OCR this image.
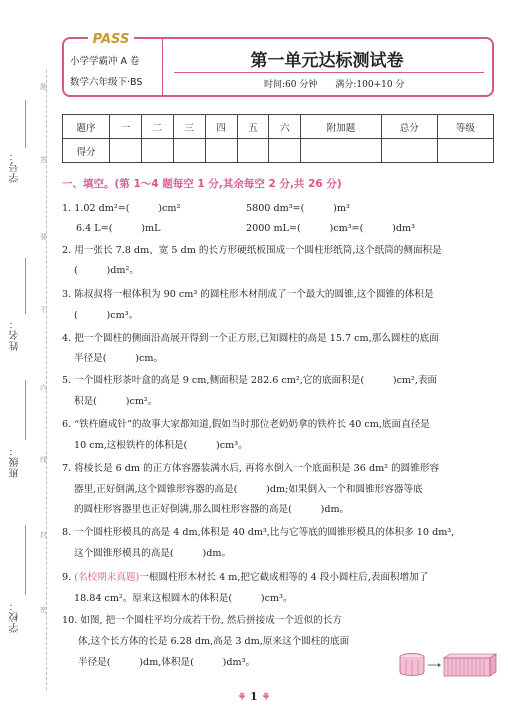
学号：
姓名：
班级：
学校：
题
答
要
不
内
线
封
密
PASS
小学学霸冲 A 卷
数学六年级下·BS
第一单元达标测试卷
时间:60 分钟　　满分:100+10 分
题序	一	二	三	四	五	六	附加题	总分	等级
得分									
一、填空。(第 1～4 题每空 1 分,其余每空 2 分,共 26 分)
1. 1.02 dm²=(　　　)cm²	5800 dm³=(　　　)m³
6.4 L=(　　　)mL	2000 mL=(　　　)cm³=(　　　)dm³
2. 用一张长 7.8 dm、宽 5 dm 的长方形硬纸板围成一个圆柱形纸筒,这个纸筒的侧面积是
(　　　)dm²。
3. 陈叔叔将一根体积为 90 cm³ 的圆柱形木材削成了一个最大的圆锥,这个圆锥的体积是
(　　　)cm³。
4. 把一个圆柱的侧面沿高展开得到一个正方形,已知圆柱的高是 15.7 cm,那么圆柱的底面
半径是(　　　)cm。
5. 一个圆柱形茶叶盒的高是 9 cm,侧面积是 282.6 cm²,它的底面积是(　　　)cm²,表面
积是(　　　)cm²。
6. “铁杵磨成针”的故事大家都知道,假如当时那位老奶奶拿的铁杵长 40 cm,底面直径是
10 cm,这根铁杵的体积是(　　　)cm³。
7. 将棱长是 6 dm 的正方体容器装满水后, 再将水倒入一个底面积是 36 dm² 的圆锥形容
器里,正好倒满,这个圆锥形容器的高是(　　　)dm;如果倒入一个和圆锥形容器等底
的圆柱形容器里也正好倒满,那么圆柱形容器的高是(　　　)dm。
8. 一个圆柱形模具的高是 4 dm,体积是 40 dm³,比与它等底的圆锥形模具的体积多 10 dm³,
这个圆锥形模具的高是(　　　)dm。
9. (名校期末真题)一根圆柱形木材长 4 m,把它截成相等的 4 段小圆柱后,表面积增加了
18.84 cm²。原来这根圆木的体积是(　　　)cm³。
10. 如图, 把一个圆柱平均分成若干份, 然后拼接成一个近似的长方
体,这个长方体的长是 6.28 dm,高是 3 dm,原来这个圆柱的底面
半径是(　　　)dm,体积是(　　　)dm³。
⚘ 1 ⚘
